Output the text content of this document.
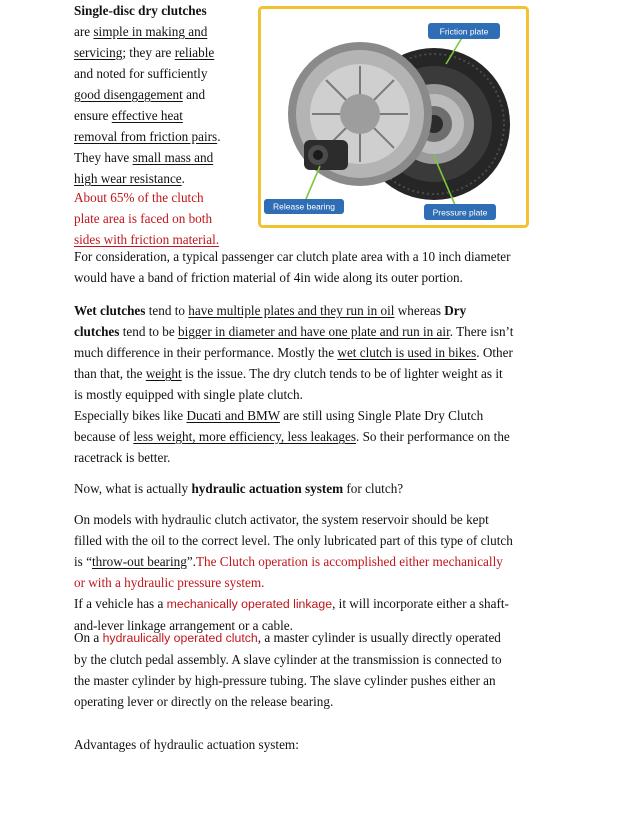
Friction plate
Release bearing
Pressure plate
Single-disc dry clutches
are simple in making and
servicing; they are reliable
and noted for sufficiently
good disengagement and
ensure effective heat
removal from friction pairs.
They have small mass and
high wear resistance.
About 65% of the clutch
plate area is faced on both
sides with friction material.
For consideration, a typical passenger car clutch plate area with a 10 inch diameter
would have a band of friction material of 4in wide along its outer portion.
Wet clutches tend to have multiple plates and they run in oil whereas Dry
clutches tend to be bigger in diameter and have one plate and run in air. There isn’t
much difference in their performance. Mostly the wet clutch is used in bikes. Other
than that, the weight is the issue. The dry clutch tends to be of lighter weight as it
is mostly equipped with single plate clutch.
Especially bikes like Ducati and BMW are still using Single Plate Dry Clutch
because of less weight, more efficiency, less leakages. So their performance on the
racetrack is better.
Now, what is actually hydraulic actuation system for clutch?
On models with hydraulic clutch activator, the system reservoir should be kept
filled with the oil to the correct level. The only lubricated part of this type of clutch
is “throw-out bearing”.The Clutch operation is accomplished either mechanically
or with a hydraulic pressure system.
If a vehicle has a mechanically operated linkage, it will incorporate either a shaft-
and-lever linkage arrangement or a cable.
On a hydraulically operated clutch, a master cylinder is usually directly operated
by the clutch pedal assembly. A slave cylinder at the transmission is connected to
the master cylinder by high-pressure tubing. The slave cylinder pushes either an
operating lever or directly on the release bearing.
Advantages of hydraulic actuation system:
